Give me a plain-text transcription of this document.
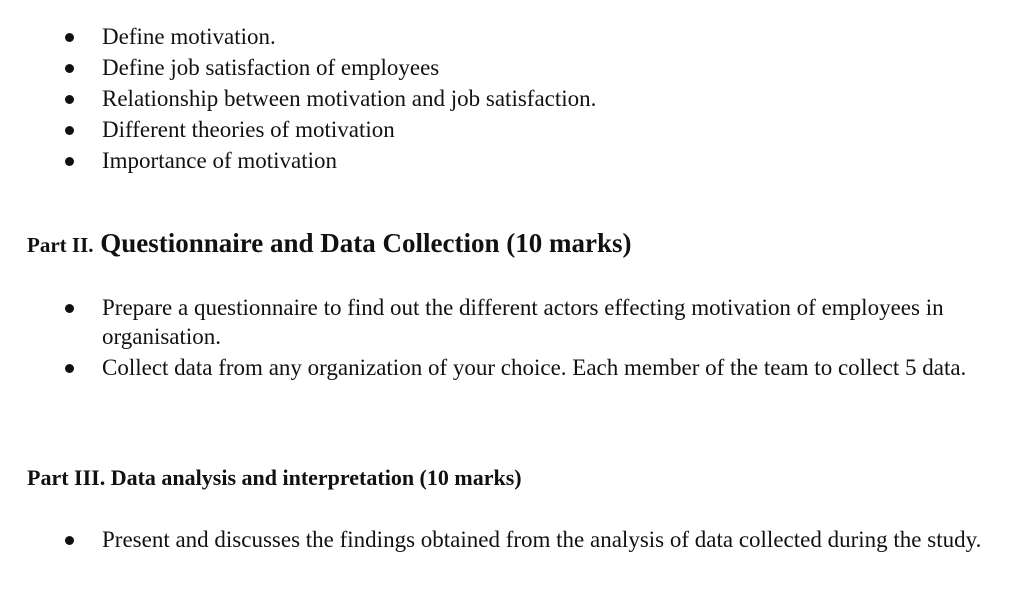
Define motivation.
Define job satisfaction of employees
Relationship between motivation and job satisfaction.
Different theories of motivation
Importance of motivation
Part II. Questionnaire and Data Collection (10 marks)
Prepare a questionnaire to find out the different actors effecting motivation of employees in organisation.
Collect data from any organization of your choice. Each member of the team to collect 5 data.
Part III. Data analysis and interpretation (10 marks)
Present and discusses the findings obtained from the analysis of data collected during the study.
